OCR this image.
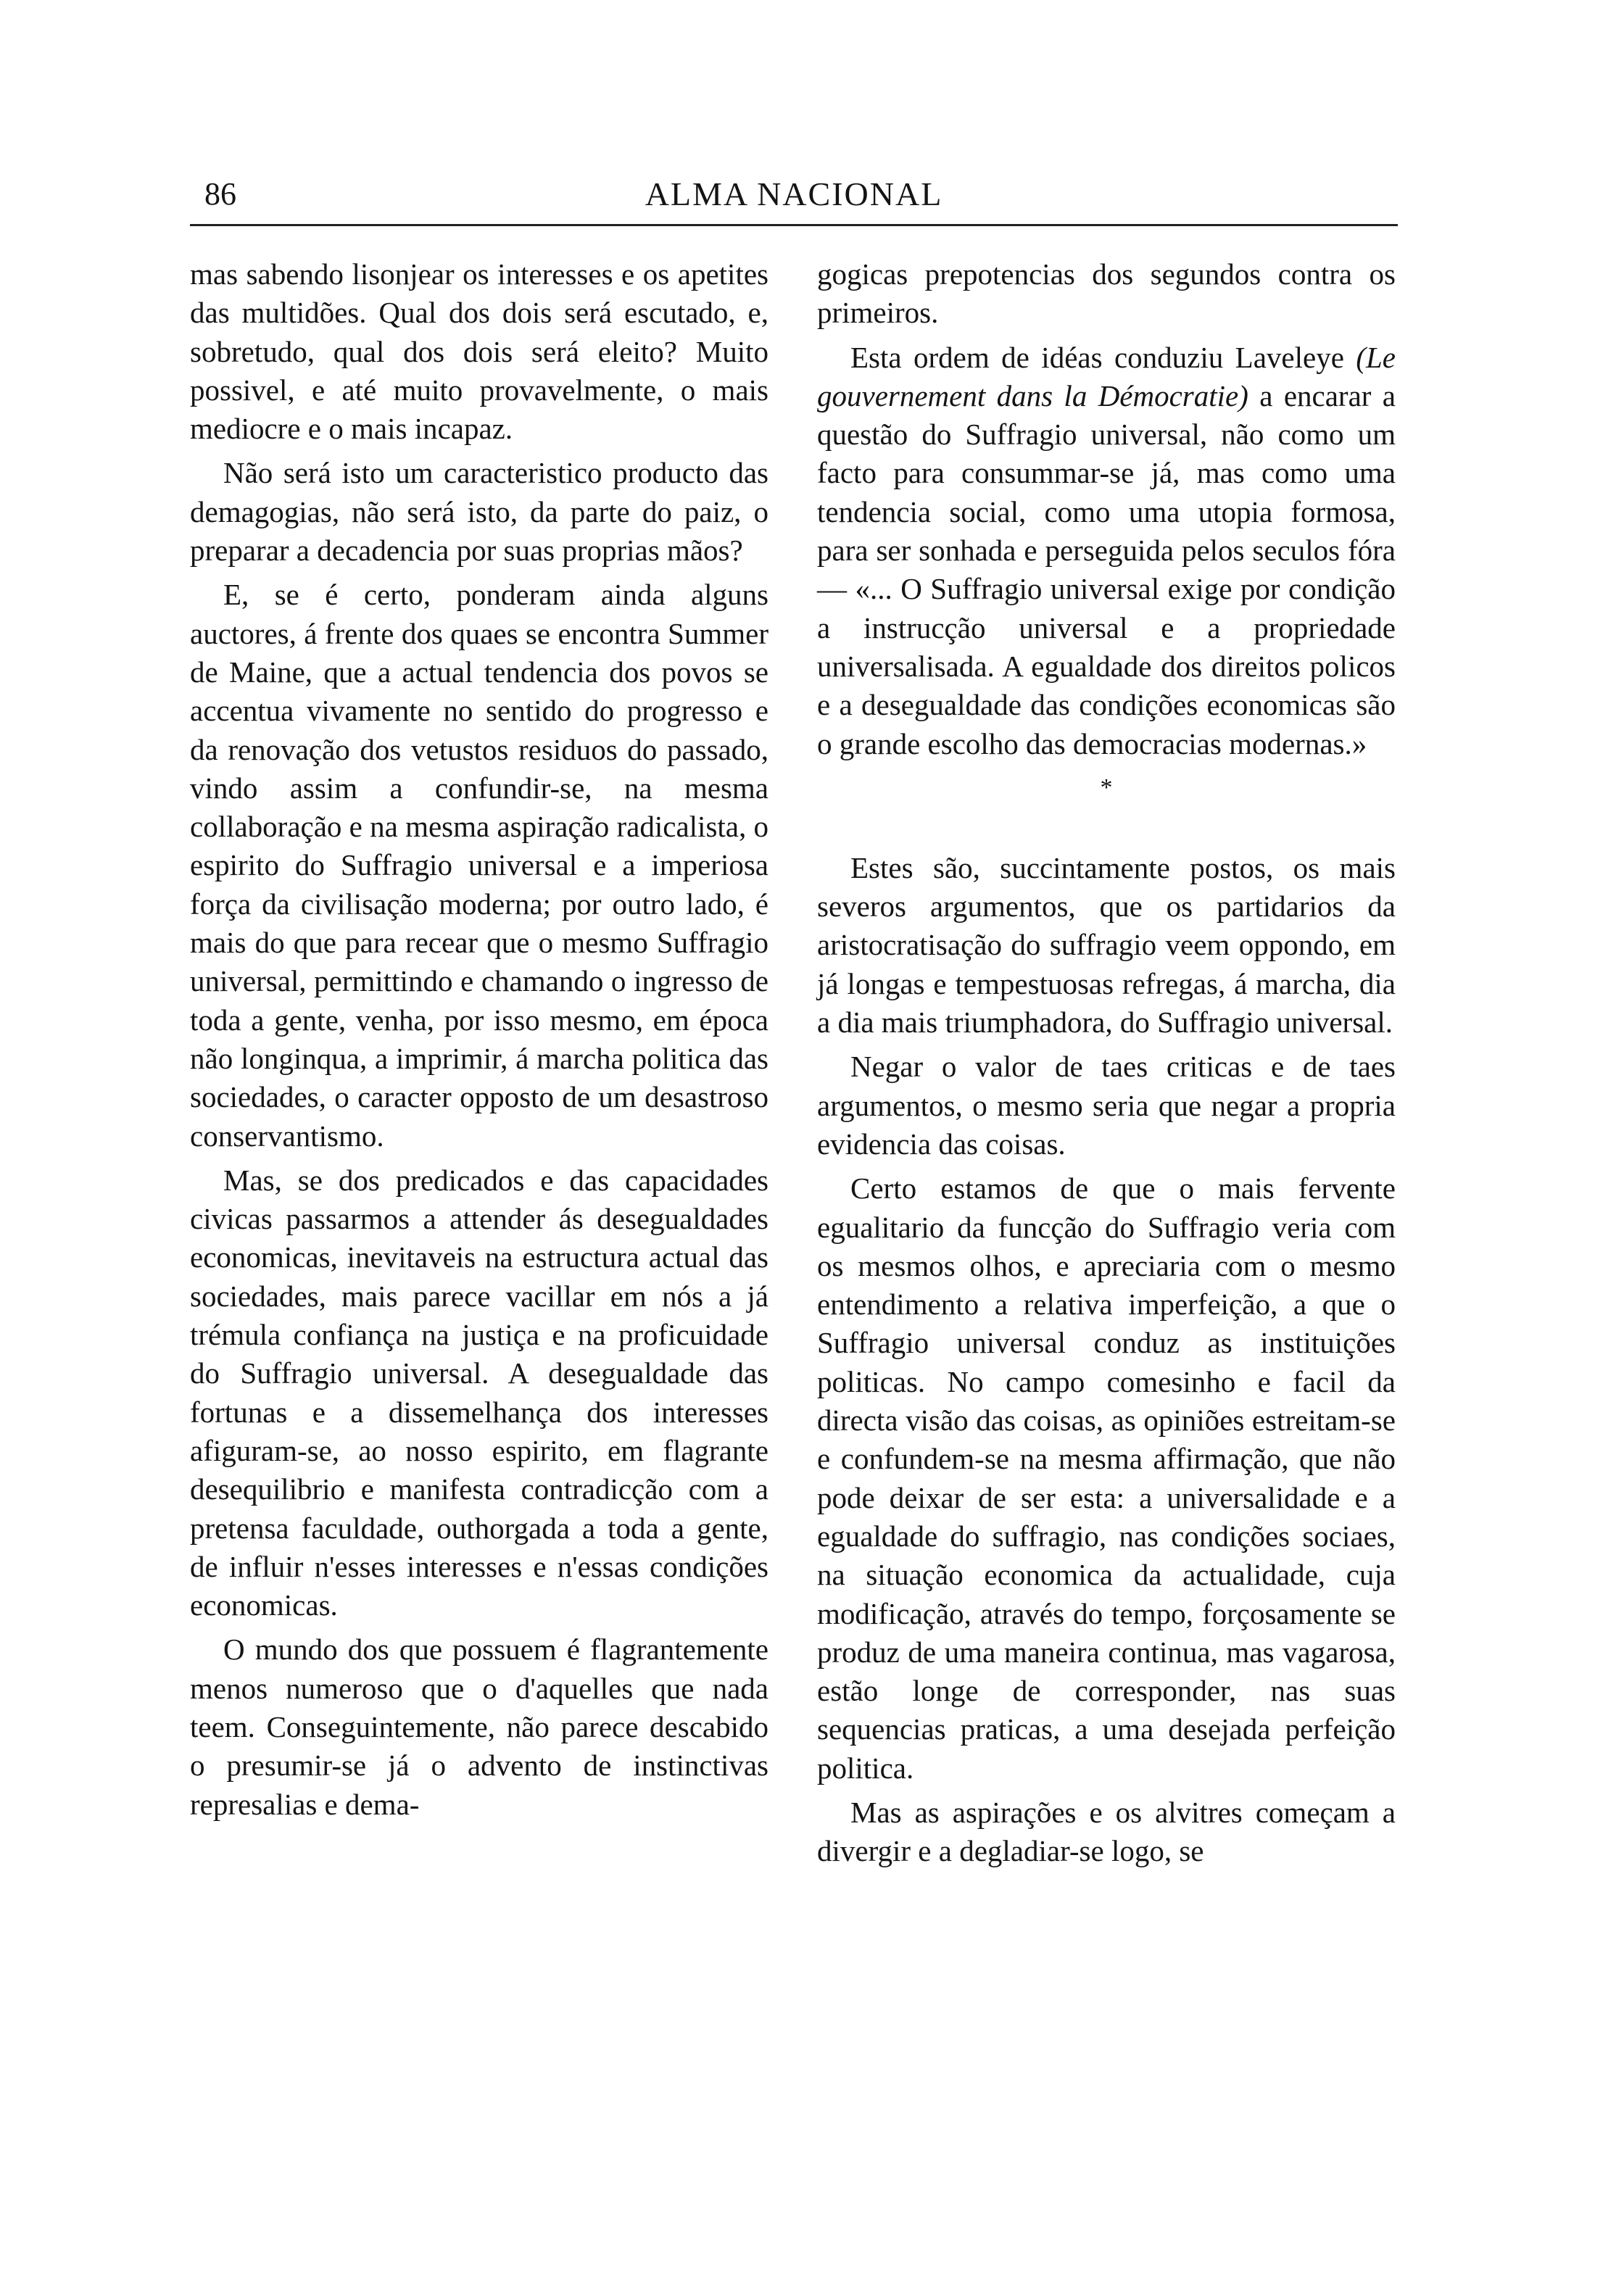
86	ALMA NACIONAL

mas sabendo lisonjear os interesses e os apetites das multidões. Qual dos dois será escutado, e, sobretudo, qual dos dois será eleito? Muito possivel, e até muito provavelmente, o mais mediocre e o mais incapaz.

Não será isto um caracteristico producto das demagogias, não será isto, da parte do paiz, o preparar a decadencia por suas proprias mãos?

E, se é certo, ponderam ainda alguns auctores, á frente dos quaes se encontra Summer de Maine, que a actual tendencia dos povos se accentua vivamente no sentido do progresso e da renovação dos vetustos residuos do passado, vindo assim a confundir-se, na mesma collaboração e na mesma aspiração radicalista, o espirito do Suffragio universal e a imperiosa força da civilisação moderna; por outro lado, é mais do que para recear que o mesmo Suffragio universal, permittindo e chamando o ingresso de toda a gente, venha, por isso mesmo, em época não longinqua, a imprimir, á marcha politica das sociedades, o caracter opposto de um desastroso conservantismo.

Mas, se dos predicados e das capacidades civicas passarmos a attender ás desegualdades economicas, inevitaveis na estructura actual das sociedades, mais parece vacillar em nós a já trémula confiança na justiça e na proficuidade do Suffragio universal. A desegualdade das fortunas e a dissemelhança dos interesses afiguram-se, ao nosso espirito, em flagrante desequilibrio e manifesta contradicção com a pretensa faculdade, outhorgada a toda a gente, de influir n'esses interesses e n'essas condições economicas.

O mundo dos que possuem é flagrantemente menos numeroso que o d'aquelles que nada teem. Conseguintemente, não parece descabido o presumir-se já o advento de instinctivas represalias e dema-

gogicas prepotencias dos segundos contra os primeiros.

Esta ordem de idéas conduziu Laveleye (Le gouvernement dans la Démocratie) a encarar a questão do Suffragio universal, não como um facto para consummar-se já, mas como uma tendencia social, como uma utopia formosa, para ser sonhada e perseguida pelos seculos fóra — «... O Suffragio universal exige por condição a instrucção universal e a propriedade universalisada. A egualdade dos direitos policos e a desegualdade das condições economicas são o grande escolho das democracias modernas.»

*

Estes são, succintamente postos, os mais severos argumentos, que os partidarios da aristocratisação do suffragio veem oppondo, em já longas e tempestuosas refregas, á marcha, dia a dia mais triumphadora, do Suffragio universal.

Negar o valor de taes criticas e de taes argumentos, o mesmo seria que negar a propria evidencia das coisas.

Certo estamos de que o mais fervente egualitario da funcção do Suffragio veria com os mesmos olhos, e apreciaria com o mesmo entendimento a relativa imperfeição, a que o Suffragio universal conduz as instituições politicas. No campo comesinho e facil da directa visão das coisas, as opiniões estreitam-se e confundem-se na mesma affirmação, que não pode deixar de ser esta: a universalidade e a egualdade do suffragio, nas condições sociaes, na situação economica da actualidade, cuja modificação, através do tempo, forçosamente se produz de uma maneira continua, mas vagarosa, estão longe de corresponder, nas suas sequencias praticas, a uma desejada perfeição politica.

Mas as aspirações e os alvitres começam a divergir e a degladiar-se logo, se
